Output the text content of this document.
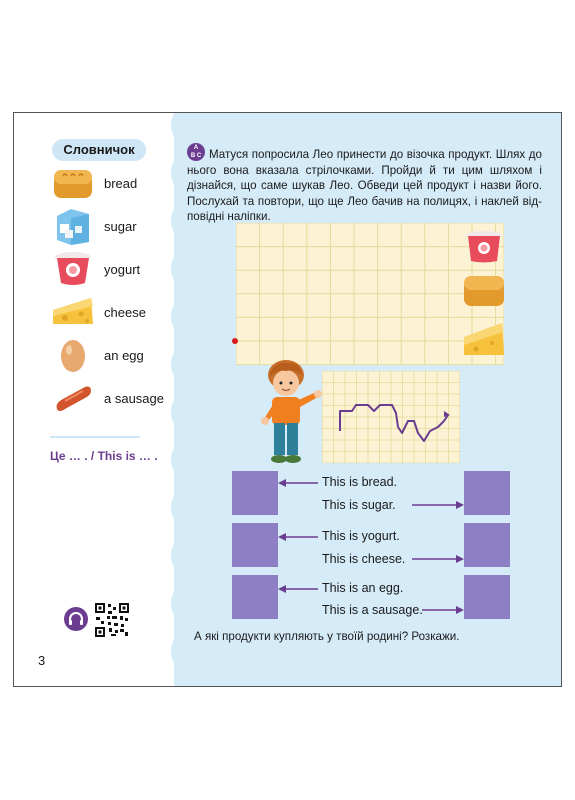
Словничок
bread
sugar
yogurt
cheese
an egg
a sausage
Це … . / This is … .
3
A
B C Матуся попросила Лео принести до візочка продукт. Шлях до нього вона вказала стрілочками. Пройди й ти цим шляхом і дізнайся, що саме шукав Лео. Обведи цей продукт і назви його. Послухай та повтори, що ще Лео бачив на полицях, і наклей від-повідні наліпки.

This is bread.
This is sugar.
This is yogurt.
This is cheese.
This is an egg.
This is a sausage.
А які продукти купляють у твоїй родині? Розкажи.
